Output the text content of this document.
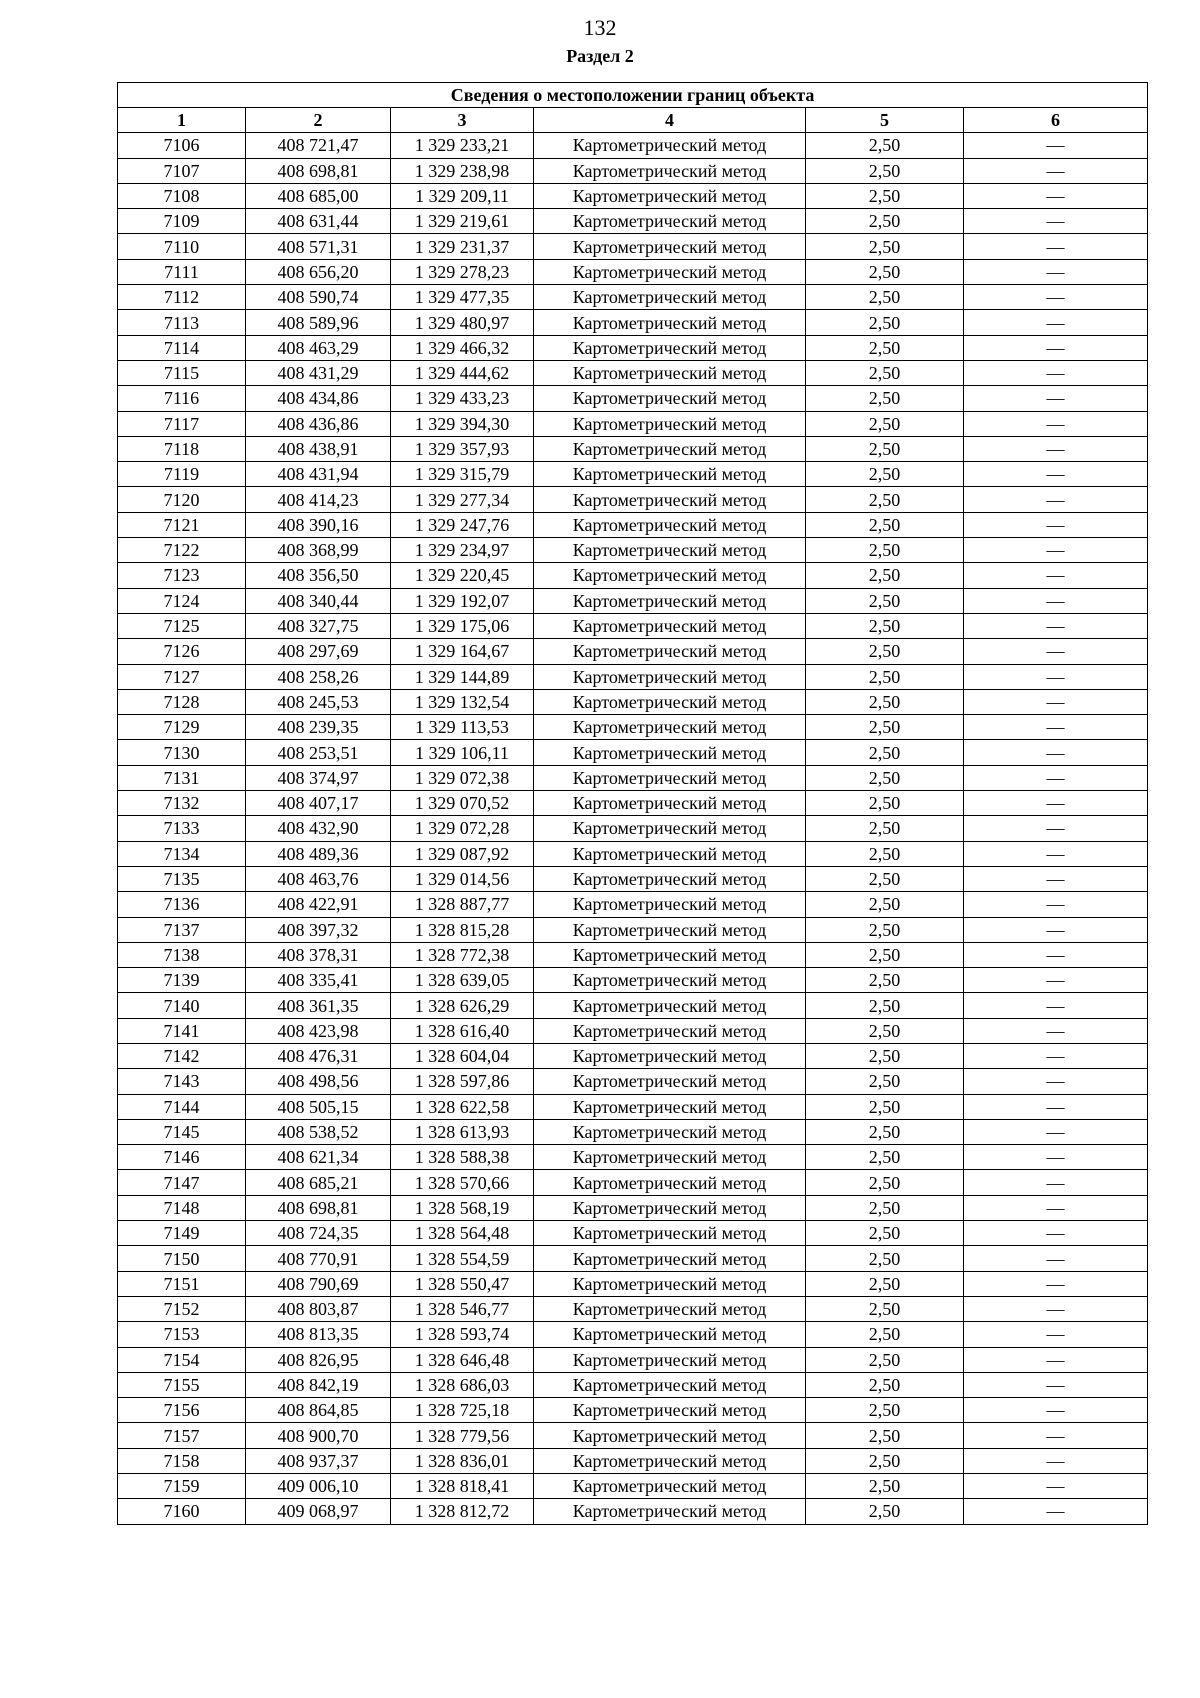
132
Раздел 2
Сведения о местоположении границ объекта					
1	2	3	4	5	6
7106	408 721,47	1 329 233,21	Картометрический метод	2,50	—
7107	408 698,81	1 329 238,98	Картометрический метод	2,50	—
7108	408 685,00	1 329 209,11	Картометрический метод	2,50	—
7109	408 631,44	1 329 219,61	Картометрический метод	2,50	—
7110	408 571,31	1 329 231,37	Картометрический метод	2,50	—
7111	408 656,20	1 329 278,23	Картометрический метод	2,50	—
7112	408 590,74	1 329 477,35	Картометрический метод	2,50	—
7113	408 589,96	1 329 480,97	Картометрический метод	2,50	—
7114	408 463,29	1 329 466,32	Картометрический метод	2,50	—
7115	408 431,29	1 329 444,62	Картометрический метод	2,50	—
7116	408 434,86	1 329 433,23	Картометрический метод	2,50	—
7117	408 436,86	1 329 394,30	Картометрический метод	2,50	—
7118	408 438,91	1 329 357,93	Картометрический метод	2,50	—
7119	408 431,94	1 329 315,79	Картометрический метод	2,50	—
7120	408 414,23	1 329 277,34	Картометрический метод	2,50	—
7121	408 390,16	1 329 247,76	Картометрический метод	2,50	—
7122	408 368,99	1 329 234,97	Картометрический метод	2,50	—
7123	408 356,50	1 329 220,45	Картометрический метод	2,50	—
7124	408 340,44	1 329 192,07	Картометрический метод	2,50	—
7125	408 327,75	1 329 175,06	Картометрический метод	2,50	—
7126	408 297,69	1 329 164,67	Картометрический метод	2,50	—
7127	408 258,26	1 329 144,89	Картометрический метод	2,50	—
7128	408 245,53	1 329 132,54	Картометрический метод	2,50	—
7129	408 239,35	1 329 113,53	Картометрический метод	2,50	—
7130	408 253,51	1 329 106,11	Картометрический метод	2,50	—
7131	408 374,97	1 329 072,38	Картометрический метод	2,50	—
7132	408 407,17	1 329 070,52	Картометрический метод	2,50	—
7133	408 432,90	1 329 072,28	Картометрический метод	2,50	—
7134	408 489,36	1 329 087,92	Картометрический метод	2,50	—
7135	408 463,76	1 329 014,56	Картометрический метод	2,50	—
7136	408 422,91	1 328 887,77	Картометрический метод	2,50	—
7137	408 397,32	1 328 815,28	Картометрический метод	2,50	—
7138	408 378,31	1 328 772,38	Картометрический метод	2,50	—
7139	408 335,41	1 328 639,05	Картометрический метод	2,50	—
7140	408 361,35	1 328 626,29	Картометрический метод	2,50	—
7141	408 423,98	1 328 616,40	Картометрический метод	2,50	—
7142	408 476,31	1 328 604,04	Картометрический метод	2,50	—
7143	408 498,56	1 328 597,86	Картометрический метод	2,50	—
7144	408 505,15	1 328 622,58	Картометрический метод	2,50	—
7145	408 538,52	1 328 613,93	Картометрический метод	2,50	—
7146	408 621,34	1 328 588,38	Картометрический метод	2,50	—
7147	408 685,21	1 328 570,66	Картометрический метод	2,50	—
7148	408 698,81	1 328 568,19	Картометрический метод	2,50	—
7149	408 724,35	1 328 564,48	Картометрический метод	2,50	—
7150	408 770,91	1 328 554,59	Картометрический метод	2,50	—
7151	408 790,69	1 328 550,47	Картометрический метод	2,50	—
7152	408 803,87	1 328 546,77	Картометрический метод	2,50	—
7153	408 813,35	1 328 593,74	Картометрический метод	2,50	—
7154	408 826,95	1 328 646,48	Картометрический метод	2,50	—
7155	408 842,19	1 328 686,03	Картометрический метод	2,50	—
7156	408 864,85	1 328 725,18	Картометрический метод	2,50	—
7157	408 900,70	1 328 779,56	Картометрический метод	2,50	—
7158	408 937,37	1 328 836,01	Картометрический метод	2,50	—
7159	409 006,10	1 328 818,41	Картометрический метод	2,50	—
7160	409 068,97	1 328 812,72	Картометрический метод	2,50	—
